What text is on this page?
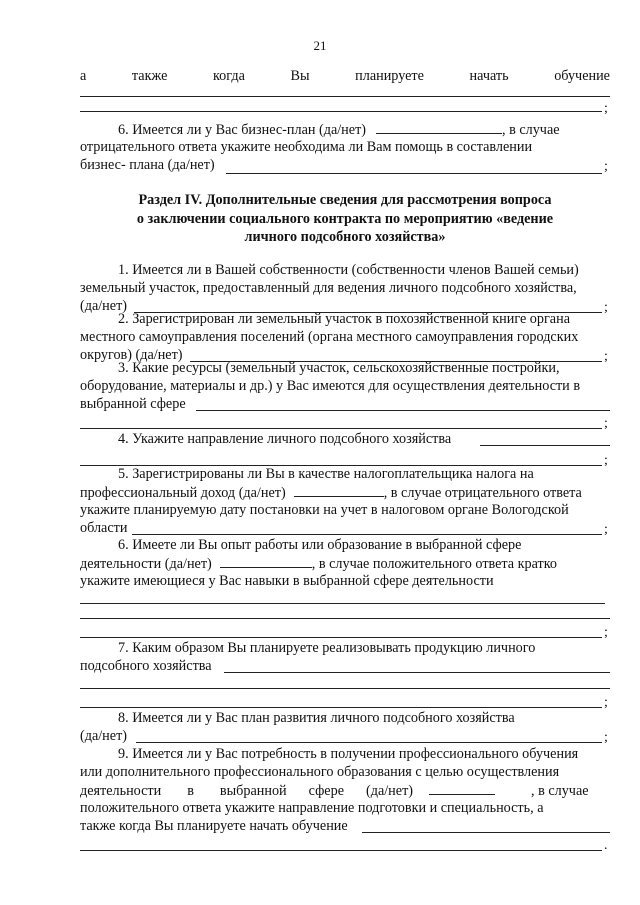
21
а	также	когда	Вы	планируете	начать	обучение
;
6. Имеется ли у Вас бизнес-план (да/нет)	, в случае
отрицательного ответа укажите необходима ли Вам помощь в составлении
бизнес- плана (да/нет)	;
Раздел IV. Дополнительные сведения для рассмотрения вопроса
о заключении социального контракта по мероприятию «ведение
личного подсобного хозяйства»
1. Имеется ли в Вашей собственности (собственности членов Вашей семьи)
земельный участок, предоставленный для ведения личного подсобного хозяйства,
(да/нет)	;
2. Зарегистрирован ли земельный участок в похозяйственной книге органа
местного самоуправления поселений (органа местного самоуправления городских
округов) (да/нет)	;
3. Какие ресурсы (земельный участок, сельскохозяйственные постройки,
оборудование, материалы и др.) у Вас имеются для осуществления деятельности в
выбранной сфере
;
4. Укажите направление личного подсобного хозяйства
;
5. Зарегистрированы ли Вы в качестве налогоплательщика налога на
профессиональный доход (да/нет)	, в случае отрицательного ответа
укажите планируемую дату постановки на учет в налоговом органе Вологодской
области	;
6. Имеете ли Вы опыт работы или образование в выбранной сфере
деятельности (да/нет)	, в случае положительного ответа кратко
укажите имеющиеся у Вас навыки в выбранной сфере деятельности
;
7. Каким образом Вы планируете реализовывать продукцию личного
подсобного хозяйства
;
8. Имеется ли у Вас план развития личного подсобного хозяйства
(да/нет)	;
9. Имеется ли у Вас потребность в получении профессионального обучения
или дополнительного профессионального образования с целью осуществления
деятельности в выбранной сфере (да/нет)	, в случае
положительного ответа укажите направление подготовки и специальность, а
также когда Вы планируете начать обучение
.
